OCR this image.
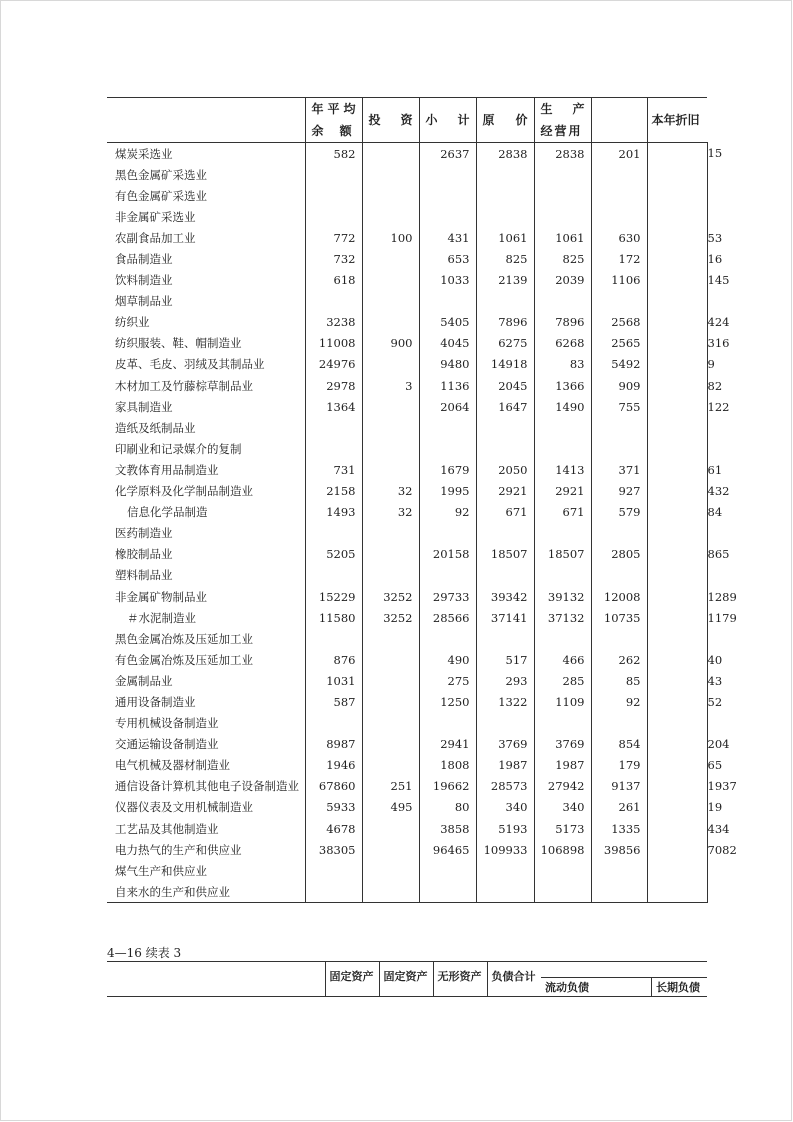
	年 平 均
余 额	投 资	小 计	原 价	生 产
经营用		本年折旧	

煤炭采选业	582		2637	2838	2838	201		15
黑色金属矿采选业								
有色金属矿采选业								
非金属矿采选业								
农副食品加工业	772	100	431	1061	1061	630		53
食品制造业	732		653	825	825	172		16
饮料制造业	618		1033	2139	2039	1106		145
烟草制品业								
纺织业	3238		5405	7896	7896	2568		424
纺织服装、鞋、帽制造业	11008	900	4045	6275	6268	2565		316
皮革、毛皮、羽绒及其制品业	24976		9480	14918	83	5492		9
木材加工及竹藤棕草制品业	2978	3	1136	2045	1366	909		82
家具制造业	1364		2064	1647	1490	755		122
造纸及纸制品业								
印刷业和记录媒介的复制								
文教体育用品制造业	731		1679	2050	1413	371		61
化学原料及化学制品制造业	2158	32	1995	2921	2921	927		432
信息化学品制造	1493	32	92	671	671	579		84
医药制造业								
橡胶制品业	5205		20158	18507	18507	2805		865
塑料制品业								
非金属矿物制品业	15229	3252	29733	39342	39132	12008		1289
＃水泥制造业	11580	3252	28566	37141	37132	10735		1179
黑色金属冶炼及压延加工业								
有色金属冶炼及压延加工业	876		490	517	466	262		40
金属制品业	1031		275	293	285	85		43
通用设备制造业	587		1250	1322	1109	92		52
专用机械设备制造业								
交通运输设备制造业	8987		2941	3769	3769	854		204
电气机械及器材制造业	1946		1808	1987	1987	179		65
通信设备计算机其他电子设备制造业	67860	251	19662	28573	27942	9137		1937
仪器仪表及文用机械制造业	5933	495	80	340	340	261		19
工艺品及其他制造业	4678		3858	5193	5173	1335		434
电力热气的生产和供应业	38305		96465	109933	106898	39856		7082
煤气生产和供应业								
自来水的生产和供应业								
4—16 续表 3
	固定资产	固定资产	无形资产	负债合计	
流动负债	长期负债
